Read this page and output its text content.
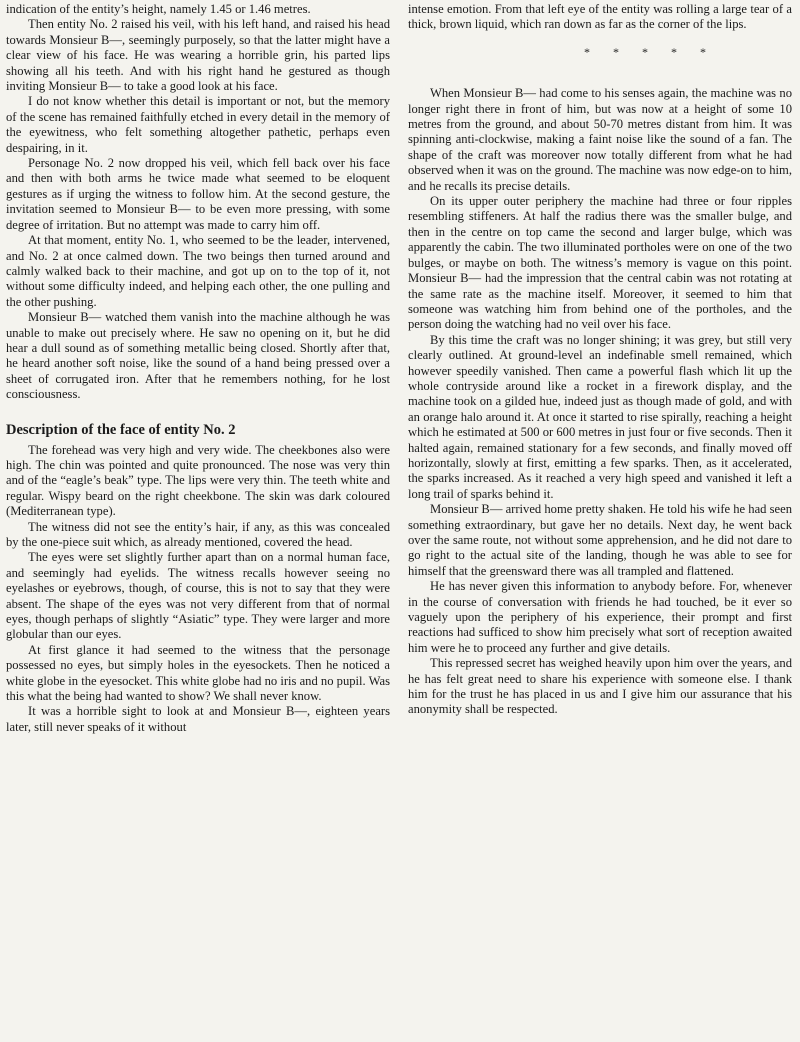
indication of the entity’s height, namely 1.45 or 1.46 metres.

Then entity No. 2 raised his veil, with his left hand, and raised his head towards Monsieur B—, seemingly purposely, so that the latter might have a clear view of his face. He was wearing a horrible grin, his parted lips showing all his teeth. And with his right hand he gestured as though inviting Monsieur B— to take a good look at his face.

I do not know whether this detail is important or not, but the memory of the scene has remained faithfully etched in every detail in the memory of the eyewitness, who felt something altogether pathetic, perhaps even despairing, in it.

Personage No. 2 now dropped his veil, which fell back over his face and then with both arms he twice made what seemed to be eloquent gestures as if urging the witness to follow him. At the second gesture, the invitation seemed to Monsieur B— to be even more pressing, with some degree of irritation. But no attempt was made to carry him off.

At that moment, entity No. 1, who seemed to be the leader, intervened, and No. 2 at once calmed down. The two beings then turned around and calmly walked back to their machine, and got up on to the top of it, not without some difficulty indeed, and helping each other, the one pulling and the other pushing.

Monsieur B— watched them vanish into the machine although he was unable to make out precisely where. He saw no opening on it, but he did hear a dull sound as of something metallic being closed. Shortly after that, he heard another soft noise, like the sound of a hand being pressed over a sheet of corrugated iron. After that he remembers nothing, for he lost consciousness.

Description of the face of entity No. 2

The forehead was very high and very wide. The cheekbones also were high. The chin was pointed and quite pronounced. The nose was very thin and of the “eagle’s beak” type. The lips were very thin. The teeth white and regular. Wispy beard on the right cheekbone. The skin was dark coloured (Mediterranean type).

The witness did not see the entity’s hair, if any, as this was concealed by the one-piece suit which, as already mentioned, covered the head.

The eyes were set slightly further apart than on a normal human face, and seemingly had eyelids. The witness recalls however seeing no eyelashes or eyebrows, though, of course, this is not to say that they were absent. The shape of the eyes was not very different from that of normal eyes, though perhaps of slightly “Asiatic” type. They were larger and more globular than our eyes.

At first glance it had seemed to the witness that the personage possessed no eyes, but simply holes in the eyesockets. Then he noticed a white globe in the eyesocket. This white globe had no iris and no pupil. Was this what the being had wanted to show? We shall never know.

It was a horrible sight to look at and Monsieur B—, eighteen years later, still never speaks of it without

intense emotion. From that left eye of the entity was rolling a large tear of a thick, brown liquid, which ran down as far as the corner of the lips.

* * * * *

When Monsieur B— had come to his senses again, the machine was no longer right there in front of him, but was now at a height of some 10 metres from the ground, and about 50-70 metres distant from him. It was spinning anti-clockwise, making a faint noise like the sound of a fan. The shape of the craft was moreover now totally different from what he had observed when it was on the ground. The machine was now edge-on to him, and he recalls its precise details.

On its upper outer periphery the machine had three or four ripples resembling stiffeners. At half the radius there was the smaller bulge, and then in the centre on top came the second and larger bulge, which was apparently the cabin. The two illuminated portholes were on one of the two bulges, or maybe on both. The witness’s memory is vague on this point. Monsieur B— had the impression that the central cabin was not rotating at the same rate as the machine itself. Moreover, it seemed to him that someone was watching him from behind one of the portholes, and the person doing the watching had no veil over his face.

By this time the craft was no longer shining; it was grey, but still very clearly outlined. At ground-level an indefinable smell remained, which however speedily vanished. Then came a powerful flash which lit up the whole contryside around like a rocket in a firework display, and the machine took on a gilded hue, indeed just as though made of gold, and with an orange halo around it. At once it started to rise spirally, reaching a height which he estimated at 500 or 600 metres in just four or five seconds. Then it halted again, remained stationary for a few seconds, and finally moved off horizontally, slowly at first, emitting a few sparks. Then, as it accelerated, the sparks increased. As it reached a very high speed and vanished it left a long trail of sparks behind it.

Monsieur B— arrived home pretty shaken. He told his wife he had seen something extraordinary, but gave her no details. Next day, he went back over the same route, not without some apprehension, and he did not dare to go right to the actual site of the landing, though he was able to see for himself that the greensward there was all trampled and flattened.

He has never given this information to anybody before. For, whenever in the course of conversation with friends he had touched, be it ever so vaguely upon the periphery of his experience, their prompt and first reactions had sufficed to show him precisely what sort of reception awaited him were he to proceed any further and give details.

This repressed secret has weighed heavily upon him over the years, and he has felt great need to share his experience with someone else. I thank him for the trust he has placed in us and I give him our assurance that his anonymity shall be respected.
